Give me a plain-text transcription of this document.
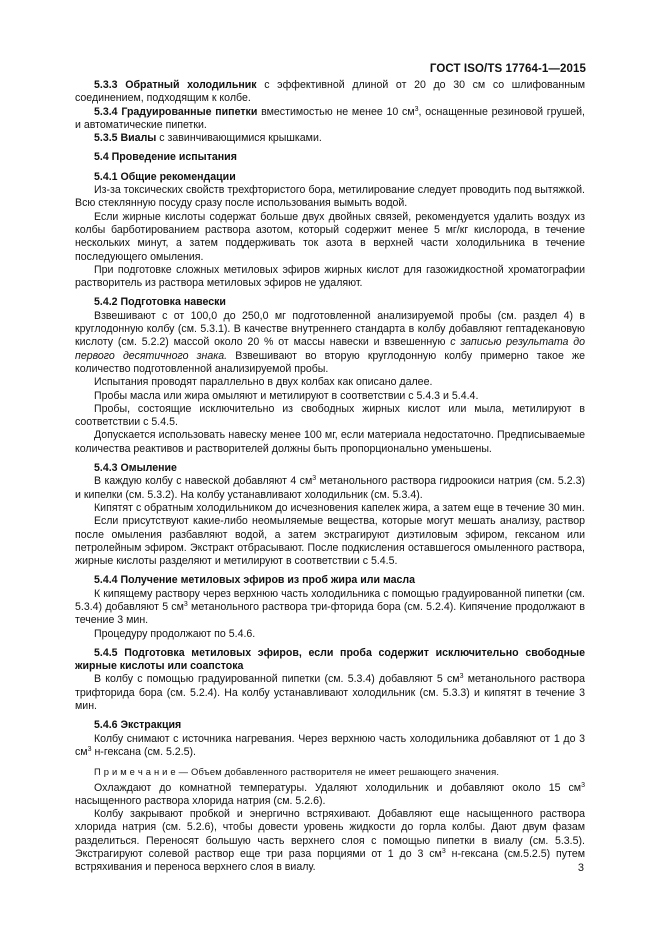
ГОСТ ISO/TS 17764-1—2015

5.3.3 Обратный холодильник с эффективной длиной от 20 до 30 см со шлифованным соединением, подходящим к колбе.

5.3.4 Градуированные пипетки вместимостью не менее 10 $см^3$, оснащенные резиновой грушей, и автоматические пипетки.

5.3.5 Виалы с завинчивающимися крышками.

5.4 Проведение испытания

5.4.1 Общие рекомендации

Из-за токсических свойств трехфтористого бора, метилирование следует проводить под вытяжкой. Всю стеклянную посуду сразу после использования вымыть водой.

Если жирные кислоты содержат больше двух двойных связей, рекомендуется удалить воздух из колбы барботированием раствора азотом, который содержит менее 5 мг/кг кислорода, в течение нескольких минут, а затем поддерживать ток азота в верхней части холодильника в течение последующего омыления.

При подготовке сложных метиловых эфиров жирных кислот для газожидкостной хроматографии растворитель из раствора метиловых эфиров не удаляют.

5.4.2 Подготовка навески

Взвешивают с от 100,0 до 250,0 мг подготовленной анализируемой пробы (см. раздел 4) в круглодонную колбу (см. 5.3.1). В качестве внутреннего стандарта в колбу добавляют гептадекановую кислоту (см. 5.2.2) массой около 20 % от массы навески и взвешенную с записью результата до первого десятичного знака. Взвешивают во вторую круглодонную колбу примерно такое же количество подготовленной анализируемой пробы.

Испытания проводят параллельно в двух колбах как описано далее.

Пробы масла или жира омыляют и метилируют в соответствии с 5.4.3 и 5.4.4.

Пробы, состоящие исключительно из свободных жирных кислот или мыла, метилируют в соответствии с 5.4.5.

Допускается использовать навеску менее 100 мг, если материала недостаточно. Предписываемые количества реактивов и растворителей должны быть пропорционально уменьшены.

5.4.3 Омыление

В каждую колбу с навеской добавляют 4 $см^3$ метанольного раствора гидроокиси натрия (см. 5.2.3) и кипелки (см. 5.3.2). На колбу устанавливают холодильник (см. 5.3.4).

Кипятят с обратным холодильником до исчезновения капелек жира, а затем еще в течение 30 мин.

Если присутствуют какие-либо неомыляемые вещества, которые могут мешать анализу, раствор после омыления разбавляют водой, а затем экстрагируют диэтиловым эфиром, гексаном или петролейным эфиром. Экстракт отбрасывают. После подкисления оставшегося омыленного раствора, жирные кислоты разделяют и метилируют в соответствии с 5.4.5.

5.4.4 Получение метиловых эфиров из проб жира или масла

К кипящему раствору через верхнюю часть холодильника с помощью градуированной пипетки (см. 5.3.4) добавляют 5 $см^3$ метанольного раствора три-фторида бора (см. 5.2.4). Кипячение продолжают в течение 3 мин.

Процедуру продолжают по 5.4.6.

5.4.5 Подготовка метиловых эфиров, если проба содержит исключительно свободные жирные кислоты или соапстока

В колбу с помощью градуированной пипетки (см. 5.3.4) добавляют 5 $см^3$ метанольного раствора трифторида бора (см. 5.2.4). На колбу устанавливают холодильник (см. 5.3.3) и кипятят в течение 3 мин.

5.4.6 Экстракция

Колбу снимают с источника нагревания. Через верхнюю часть холодильника добавляют от 1 до 3 $см^3$ н-гексана (см. 5.2.5).

П р и м е ч а н и е — Объем добавленного растворителя не имеет решающего значения.

Охлаждают до комнатной температуры. Удаляют холодильник и добавляют около 15 $см^3$ насыщенного раствора хлорида натрия (см. 5.2.6).

Колбу закрывают пробкой и энергично встряхивают. Добавляют еще насыщенного раствора хлорида натрия (см. 5.2.6), чтобы довести уровень жидкости до горла колбы. Дают двум фазам разделиться. Переносят большую часть верхнего слоя с помощью пипетки в виалу (см. 5.3.5). Экстрагируют солевой раствор еще три раза порциями от 1 до 3 $см^3$ н-гексана (см.5.2.5) путем встряхивания и переноса верхнего слоя в виалу.	3
